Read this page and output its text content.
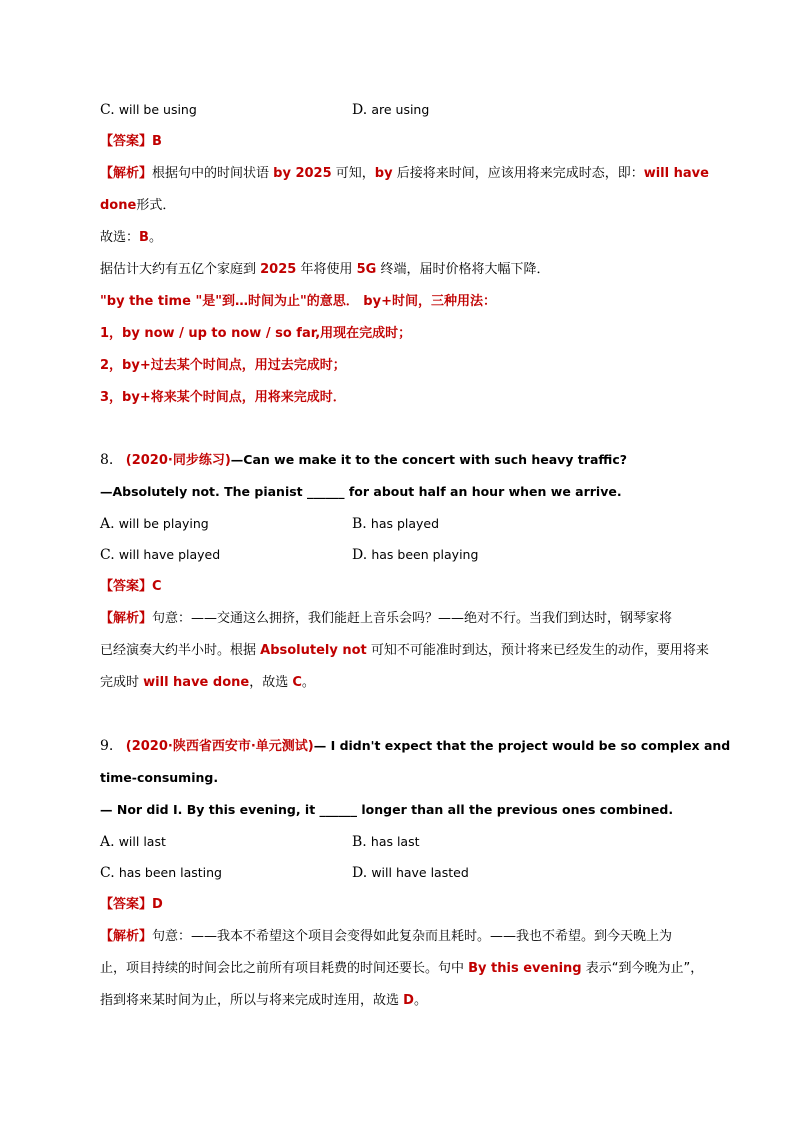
C. will be using	D. are using
【答案】B
【解析】根据句中的时间状语 by 2025 可知，by 后接将来时间，应该用将来完成时态，即：will have
done形式．
故选：B。
据估计大约有五亿个家庭到 2025 年将使用 5G 终端，届时价格将大幅下降．
"by the time "是"到…时间为止"的意思． by+时间，三种用法：
1，by now / up to now / so far,用现在完成时；
2，by+过去某个时间点，用过去完成时；
3，by+将来某个时间点，用将来完成时．
8. (2020·同步练习)—Can we make it to the concert with such heavy traffic?
—Absolutely not. The pianist ______ for about half an hour when we arrive.
A. will be playing	B. has played
C. will have played	D. has been playing
【答案】C
【解析】句意：——交通这么拥挤，我们能赶上音乐会吗？——绝对不行。当我们到达时，钢琴家将
已经演奏大约半小时。根据 Absolutely not 可知不可能准时到达，预计将来已经发生的动作，要用将来
完成时 will have done，故选 C。
9. (2020·陕西省西安市·单元测试)— I didn't expect that the project would be so complex and
time-consuming.
— Nor did I. By this evening, it ______ longer than all the previous ones combined.
A. will last	B. has last
C. has been lasting	D. will have lasted
【答案】D
【解析】句意：——我本不希望这个项目会变得如此复杂而且耗时。——我也不希望。到今天晚上为
止，项目持续的时间会比之前所有项目耗费的时间还要长。句中 By this evening 表示“到今晚为止”，
指到将来某时间为止，所以与将来完成时连用，故选 D。
